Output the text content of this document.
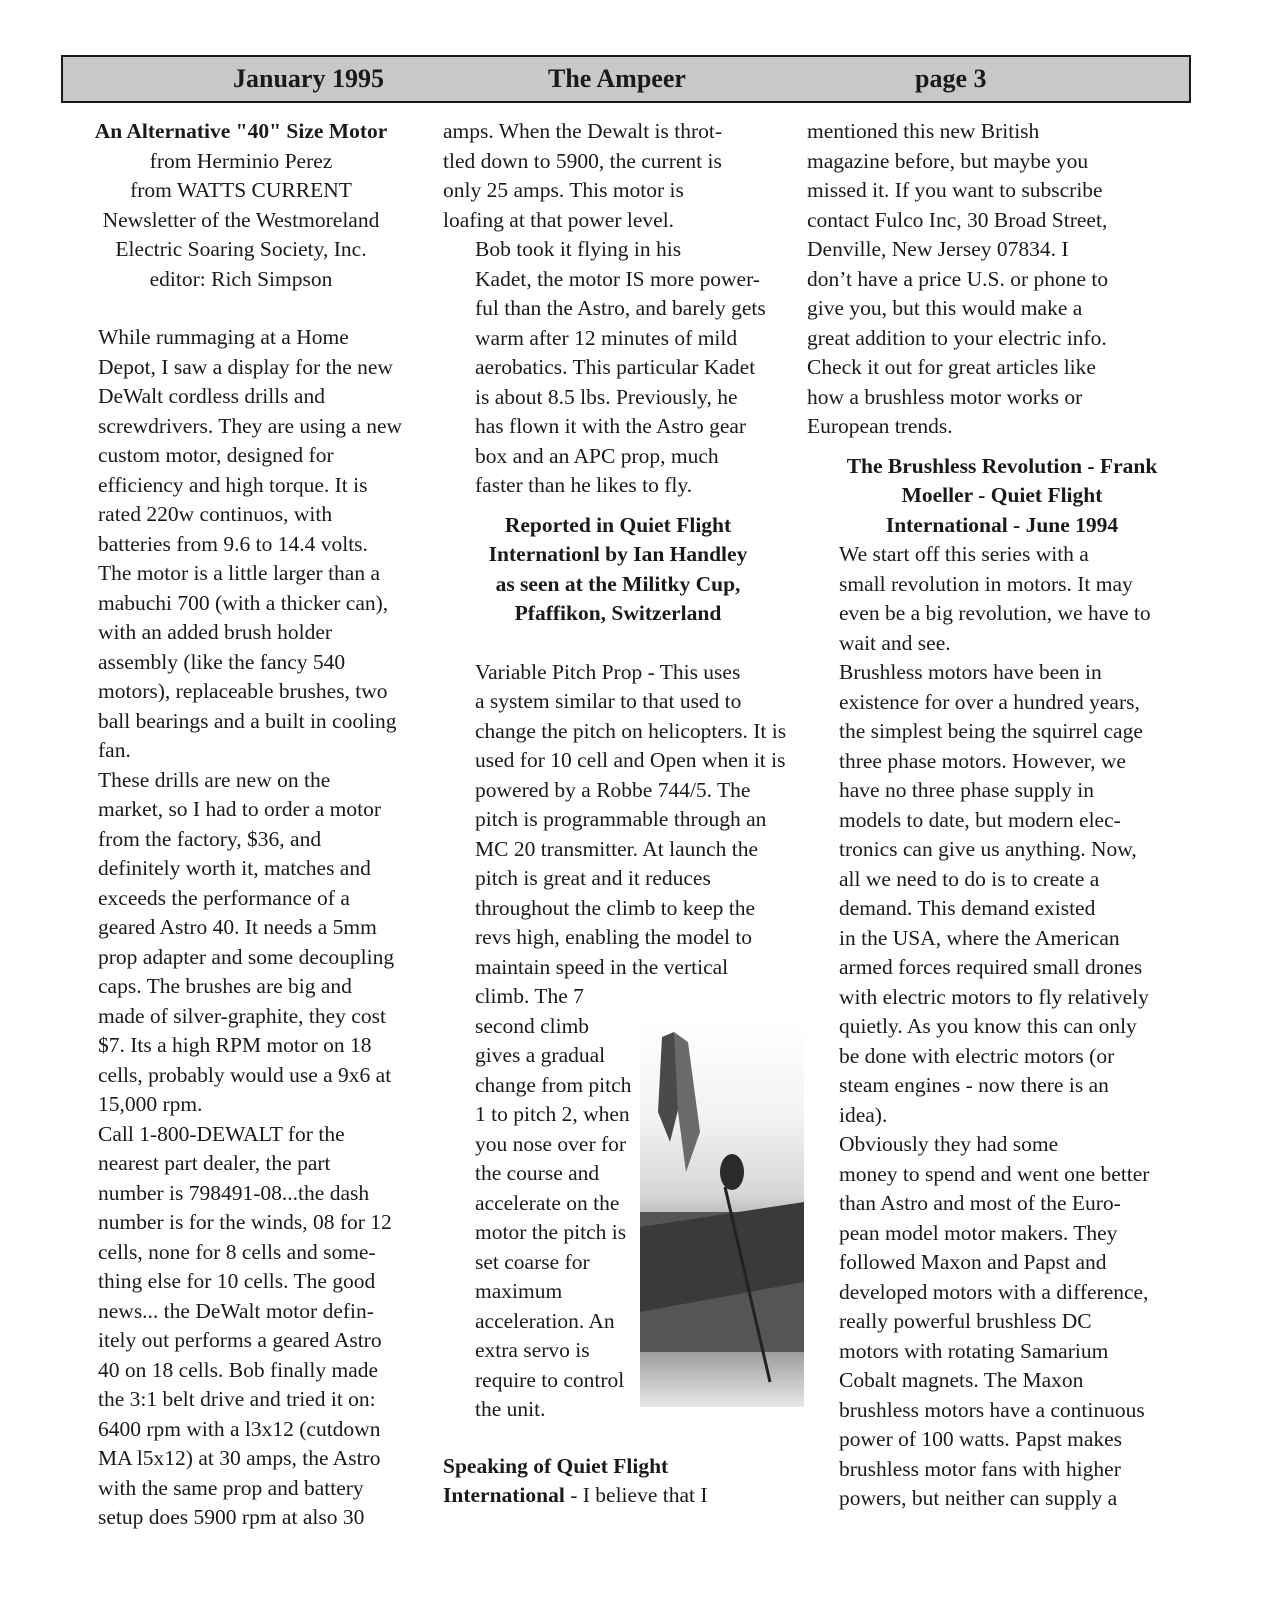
January 1995	The Ampeer	page 3

An Alternative "40" Size Motor

from Herminio Perez
from WATTS CURRENT
Newsletter of the Westmoreland
Electric Soaring Society, Inc.
editor: Rich Simpson

While rummaging at a Home
Depot, I saw a display for the new
DeWalt cordless drills and
screwdrivers. They are using a new
custom motor, designed for
efficiency and high torque. It is
rated 220w continuos, with
batteries from 9.6 to 14.4 volts.
The motor is a little larger than a
mabuchi 700 (with a thicker can),
with an added brush holder
assembly (like the fancy 540
motors), replaceable brushes, two
ball bearings and a built in cooling
fan.

These drills are new on the
market, so I had to order a motor
from the factory, $36, and
definitely worth it, matches and
exceeds the performance of a
geared Astro 40. It needs a 5mm
prop adapter and some decoupling
caps. The brushes are big and
made of silver-graphite, they cost
$7. Its a high RPM motor on 18
cells, probably would use a 9x6 at
15,000 rpm.

Call 1-800-DEWALT for the
nearest part dealer, the part
number is 798491-08...the dash
number is for the winds, 08 for 12
cells, none for 8 cells and some-
thing else for 10 cells. The good
news... the DeWalt motor defin-
itely out performs a geared Astro
40 on 18 cells. Bob finally made
the 3:1 belt drive and tried it on:
6400 rpm with a l3x12 (cutdown
MA l5x12) at 30 amps, the Astro
with the same prop and battery
setup does 5900 rpm at also 30

amps. When the Dewalt is throt-
tled down to 5900, the current is
only 25 amps. This motor is
loafing at that power level.

Bob took it flying in his
Kadet, the motor IS more power-
ful than the Astro, and barely gets
warm after 12 minutes of mild
aerobatics. This particular Kadet
is about 8.5 lbs. Previously, he
has flown it with the Astro gear
box and an APC prop, much
faster than he likes to fly.

Reported in Quiet Flight
Internationl by Ian Handley
as seen at the Militky Cup,
Pfaffikon, Switzerland

Variable Pitch Prop - This uses
a system similar to that used to
change the pitch on helicopters. It is
used for 10 cell and Open when it is
powered by a Robbe 744/5. The
pitch is programmable through an
MC 20 transmitter. At launch the
pitch is great and it reduces
throughout the climb to keep the
revs high, enabling the model to
maintain speed in the vertical
climb. The 7
second climb
gives a gradual
change from pitch
1 to pitch 2, when
you nose over for
the course and
accelerate on the
motor the pitch is
set coarse for
maximum
acceleration. An
extra servo is
require to control
the unit.

Speaking of Quiet Flight
International - I believe that I

mentioned this new British
magazine before, but maybe you
missed it. If you want to subscribe
contact Fulco Inc, 30 Broad Street,
Denville, New Jersey 07834. I
don’t have a price U.S. or phone to
give you, but this would make a
great addition to your electric info.
Check it out for great articles like
how a brushless motor works or
European trends.

The Brushless Revolution - Frank
Moeller - Quiet Flight
International - June 1994

We start off this series with a
small revolution in motors. It may
even be a big revolution, we have to
wait and see.

Brushless motors have been in
existence for over a hundred years,
the simplest being the squirrel cage
three phase motors. However, we
have no three phase supply in
models to date, but modern elec-
tronics can give us anything. Now,
all we need to do is to create a
demand. This demand existed
in the USA, where the American
armed forces required small drones
with electric motors to fly relatively
quietly. As you know this can only
be done with electric motors (or
steam engines - now there is an
idea).

Obviously they had some
money to spend and went one better
than Astro and most of the Euro-
pean model motor makers. They
followed Maxon and Papst and
developed motors with a difference,
really powerful brushless DC
motors with rotating Samarium
Cobalt magnets. The Maxon
brushless motors have a continuous
power of 100 watts. Papst makes
brushless motor fans with higher
powers, but neither can supply a
